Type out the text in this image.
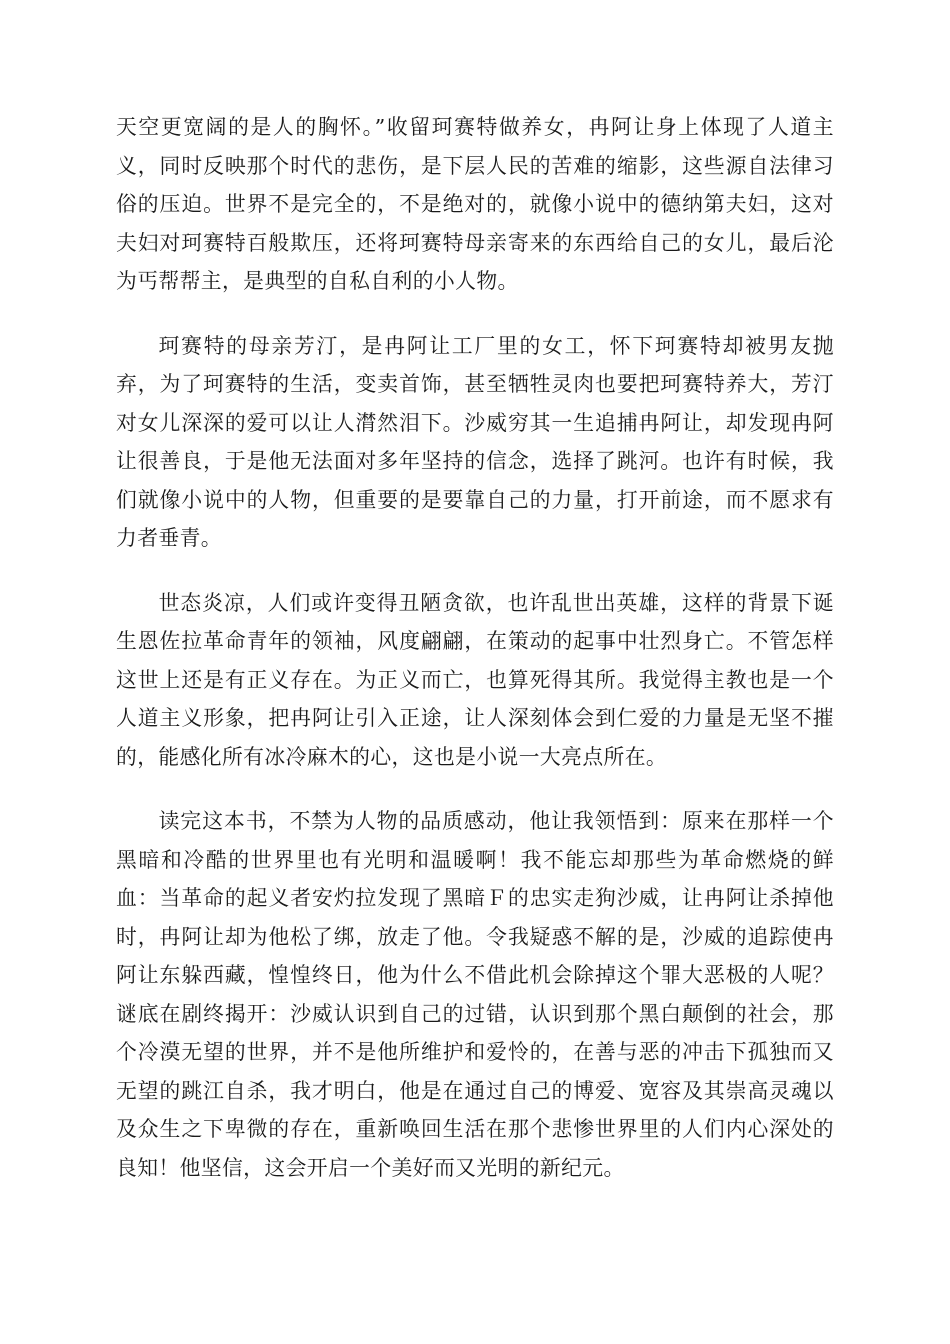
天空更宽阔的是人的胸怀。”收留珂赛特做养女，冉阿让身上体现了人道主义，同时反映那个时代的悲伤，是下层人民的苦难的缩影，这些源自法律习俗的压迫。世界不是完全的，不是绝对的，就像小说中的德纳第夫妇，这对夫妇对珂赛特百般欺压，还将珂赛特母亲寄来的东西给自己的女儿，最后沦为丐帮帮主，是典型的自私自利的小人物。

珂赛特的母亲芳汀，是冉阿让工厂里的女工，怀下珂赛特却被男友抛弃，为了珂赛特的生活，变卖首饰，甚至牺牲灵肉也要把珂赛特养大，芳汀对女儿深深的爱可以让人潸然泪下。沙威穷其一生追捕冉阿让，却发现冉阿让很善良，于是他无法面对多年坚持的信念，选择了跳河。也许有时候，我们就像小说中的人物，但重要的是要靠自己的力量，打开前途，而不愿求有力者垂青。

世态炎凉，人们或许变得丑陋贪欲，也许乱世出英雄，这样的背景下诞生恩佐拉革命青年的领袖，风度翩翩，在策动的起事中壮烈身亡。不管怎样这世上还是有正义存在。为正义而亡，也算死得其所。我觉得主教也是一个人道主义形象，把冉阿让引入正途，让人深刻体会到仁爱的力量是无坚不摧的，能感化所有冰冷麻木的心，这也是小说一大亮点所在。

读完这本书，不禁为人物的品质感动，他让我领悟到：原来在那样一个黑暗和冷酷的世界里也有光明和温暖啊！我不能忘却那些为革命燃烧的鲜血：当革命的起义者安灼拉发现了黑暗Ｆ的忠实走狗沙威，让冉阿让杀掉他时，冉阿让却为他松了绑，放走了他。令我疑惑不解的是，沙威的追踪使冉阿让东躲西藏，惶惶终日，他为什么不借此机会除掉这个罪大恶极的人呢？谜底在剧终揭开：沙威认识到自己的过错，认识到那个黑白颠倒的社会，那个冷漠无望的世界，并不是他所维护和爱怜的，在善与恶的冲击下孤独而又无望的跳江自杀，我才明白，他是在通过自己的博爱、宽容及其崇高灵魂以及众生之下卑微的存在，重新唤回生活在那个悲惨世界里的人们内心深处的良知！他坚信，这会开启一个美好而又光明的新纪元。
